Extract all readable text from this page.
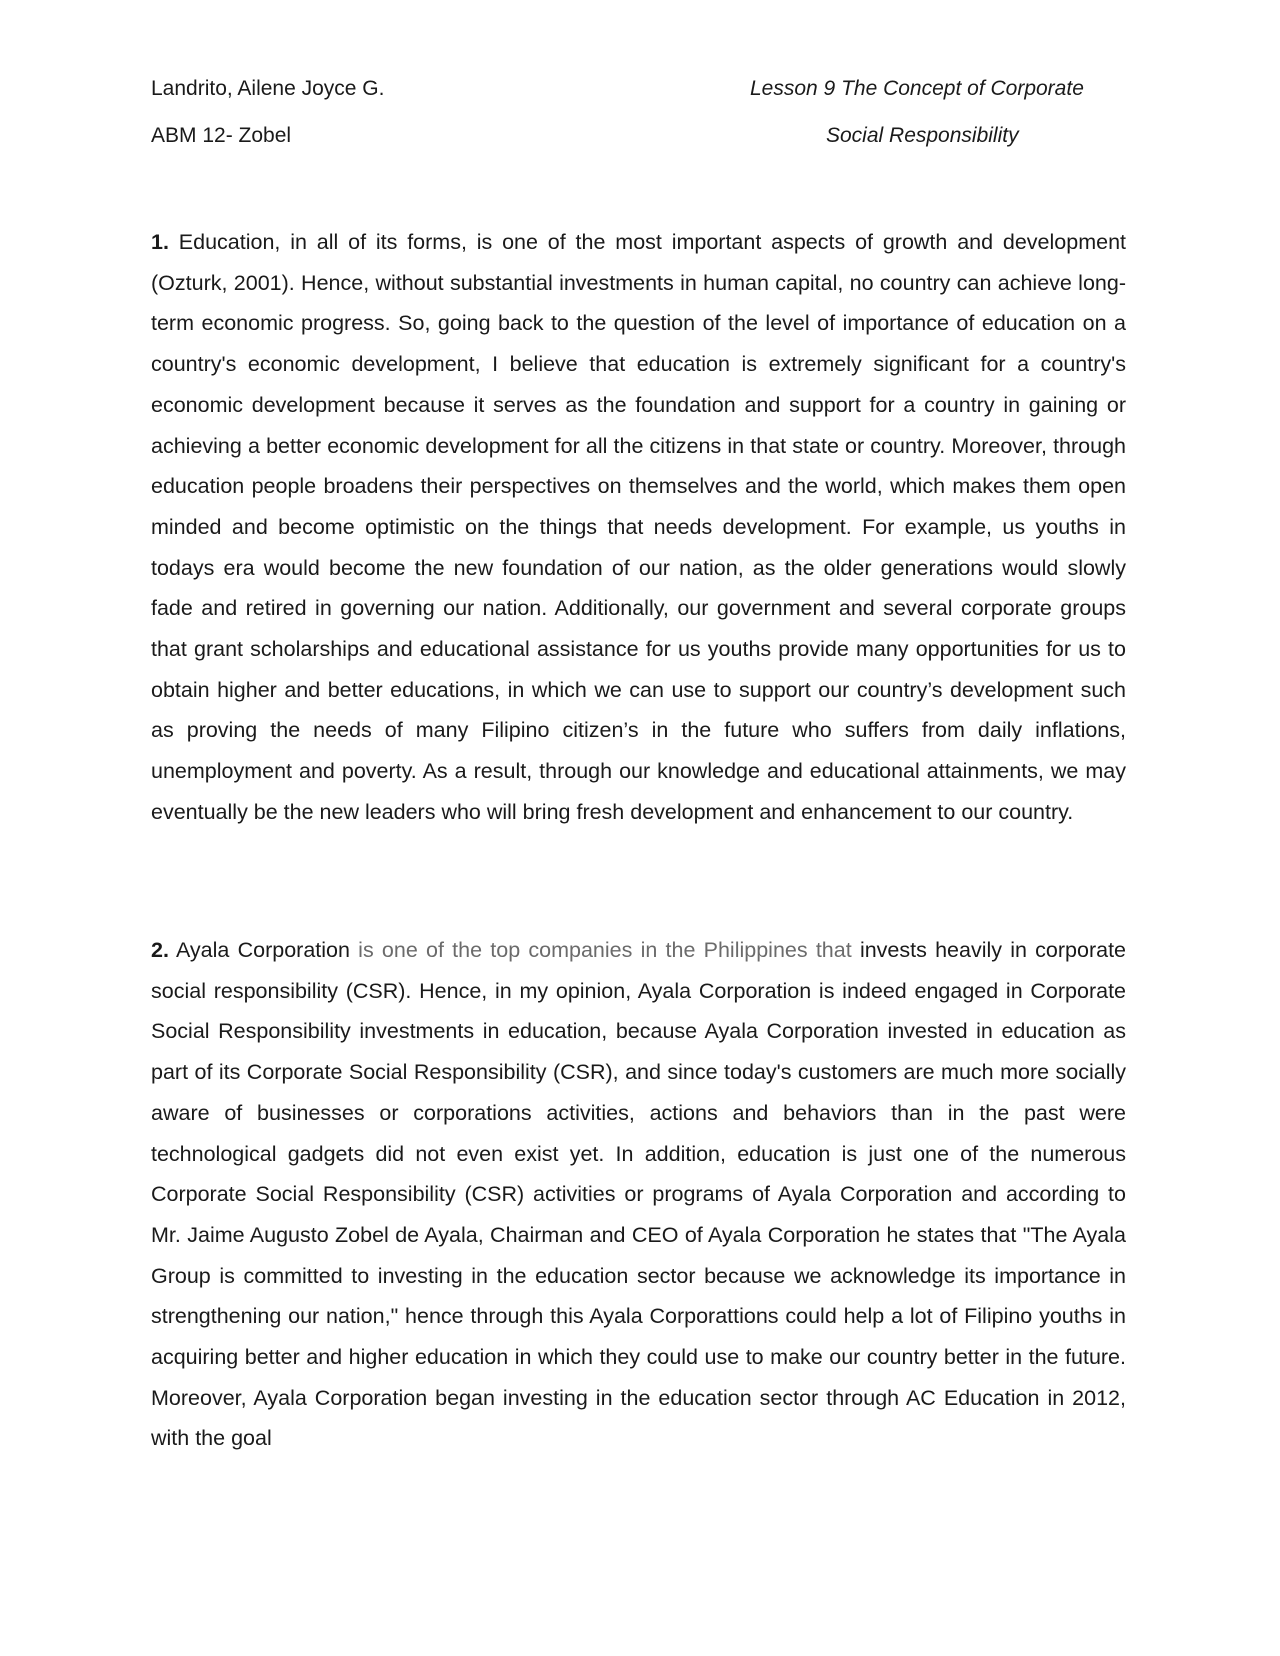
Landrito, Ailene Joyce G.
ABM 12- Zobel
Lesson 9 The Concept of Corporate
Social Responsibility

1. Education, in all of its forms, is one of the most important aspects of growth and development (Ozturk, 2001). Hence, without substantial investments in human capital, no country can achieve long-term economic progress. So, going back to the question of the level of importance of education on a country's economic development, I believe that education is extremely significant for a country's economic development because it serves as the foundation and support for a country in gaining or achieving a better economic development for all the citizens in that state or country. Moreover, through education people broadens their perspectives on themselves and the world, which makes them open minded and become optimistic on the things that needs development. For example, us youths in todays era would become the new foundation of our nation, as the older generations would slowly fade and retired in governing our nation. Additionally, our government and several corporate groups that grant scholarships and educational assistance for us youths provide many opportunities for us to obtain higher and better educations, in which we can use to support our country’s development such as proving the needs of many Filipino citizen’s in the future who suffers from daily inflations, unemployment and poverty. As a result, through our knowledge and educational attainments, we may eventually be the new leaders who will bring fresh development and enhancement to our country.

2. Ayala Corporation is one of the top companies in the Philippines that invests heavily in corporate social responsibility (CSR). Hence, in my opinion, Ayala Corporation is indeed engaged in Corporate Social Responsibility investments in education, because Ayala Corporation invested in education as part of its Corporate Social Responsibility (CSR), and since today's customers are much more socially aware of businesses or corporations activities, actions and behaviors than in the past were technological gadgets did not even exist yet. In addition, education is just one of the numerous Corporate Social Responsibility (CSR) activities or programs of Ayala Corporation and according to Mr. Jaime Augusto Zobel de Ayala, Chairman and CEO of Ayala Corporation he states that "The Ayala Group is committed to investing in the education sector because we acknowledge its importance in strengthening our nation," hence through this Ayala Corporattions could help a lot of Filipino youths in acquiring better and higher education in which they could use to make our country better in the future. Moreover, Ayala Corporation began investing in the education sector through AC Education in 2012, with the goal
